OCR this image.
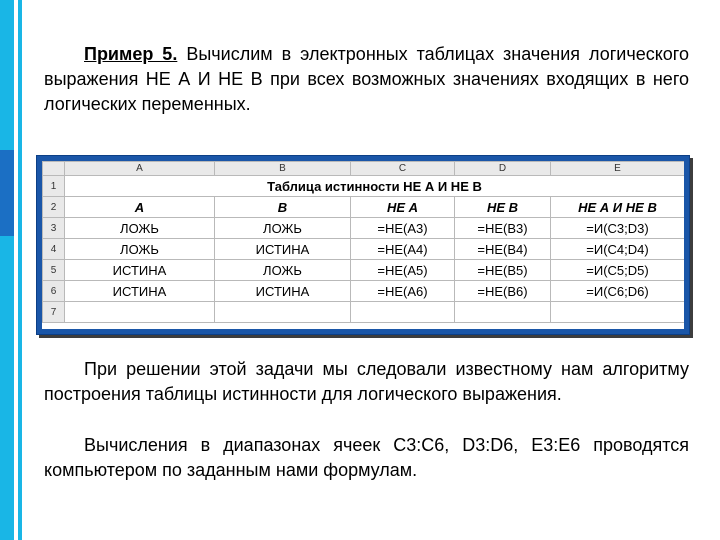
Пример 5. Вычислим в электронных таблицах значения логического выражения НЕ А И НЕ В при всех возможных значениях входящих в него логических переменных.
	A	B	C	D	E
1	Таблица истинности НЕ А И НЕ В				
2	А	В	НЕ А	НЕ В	НЕ А И НЕ В
3	ЛОЖЬ	ЛОЖЬ	=НЕ(А3)	=НЕ(В3)	=И(С3;D3)
4	ЛОЖЬ	ИСТИНА	=НЕ(А4)	=НЕ(В4)	=И(С4;D4)
5	ИСТИНА	ЛОЖЬ	=НЕ(А5)	=НЕ(В5)	=И(С5;D5)
6	ИСТИНА	ИСТИНА	=НЕ(А6)	=НЕ(В6)	=И(С6;D6)
7					
При решении этой задачи мы следовали известному нам алгоритму построения таблицы истинности для логического выражения.
Вычисления в диапазонах ячеек C3:C6, D3:D6, E3:E6 проводятся компьютером по заданным нами формулам.
